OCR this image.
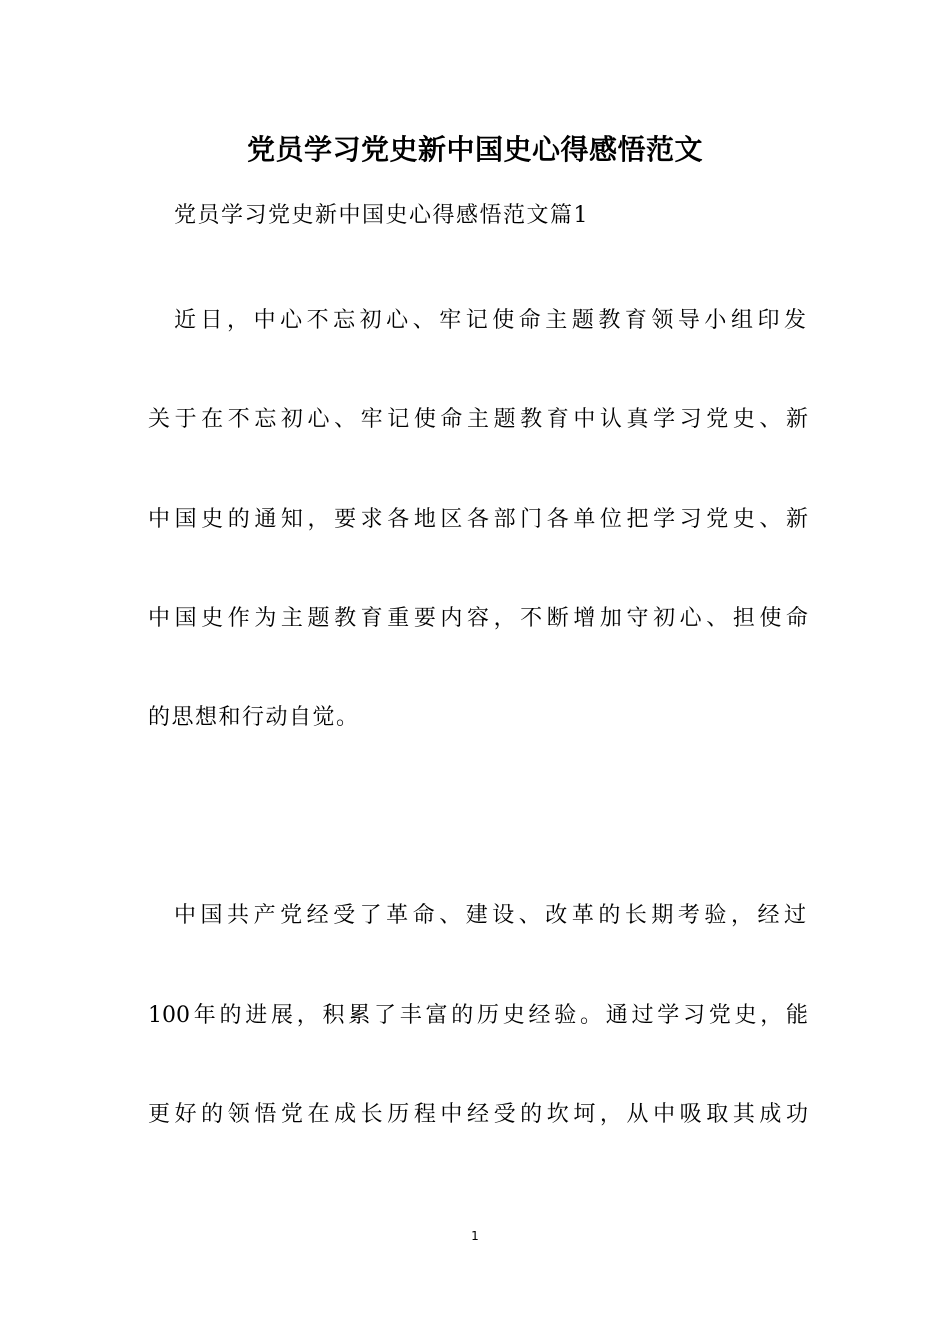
党员学习党史新中国史心得感悟范文
党员学习党史新中国史心得感悟范文篇1
近日，中心不忘初心、牢记使命主题教育领导小组印发
关于在不忘初心、牢记使命主题教育中认真学习党史、新
中国史的通知，要求各地区各部门各单位把学习党史、新
中国史作为主题教育重要内容，不断增加守初心、担使命
的思想和行动自觉。
中国共产党经受了革命、建设、改革的长期考验，经过
100年的进展，积累了丰富的历史经验。通过学习党史，能
更好的领悟党在成长历程中经受的坎坷，从中吸取其成功
1
